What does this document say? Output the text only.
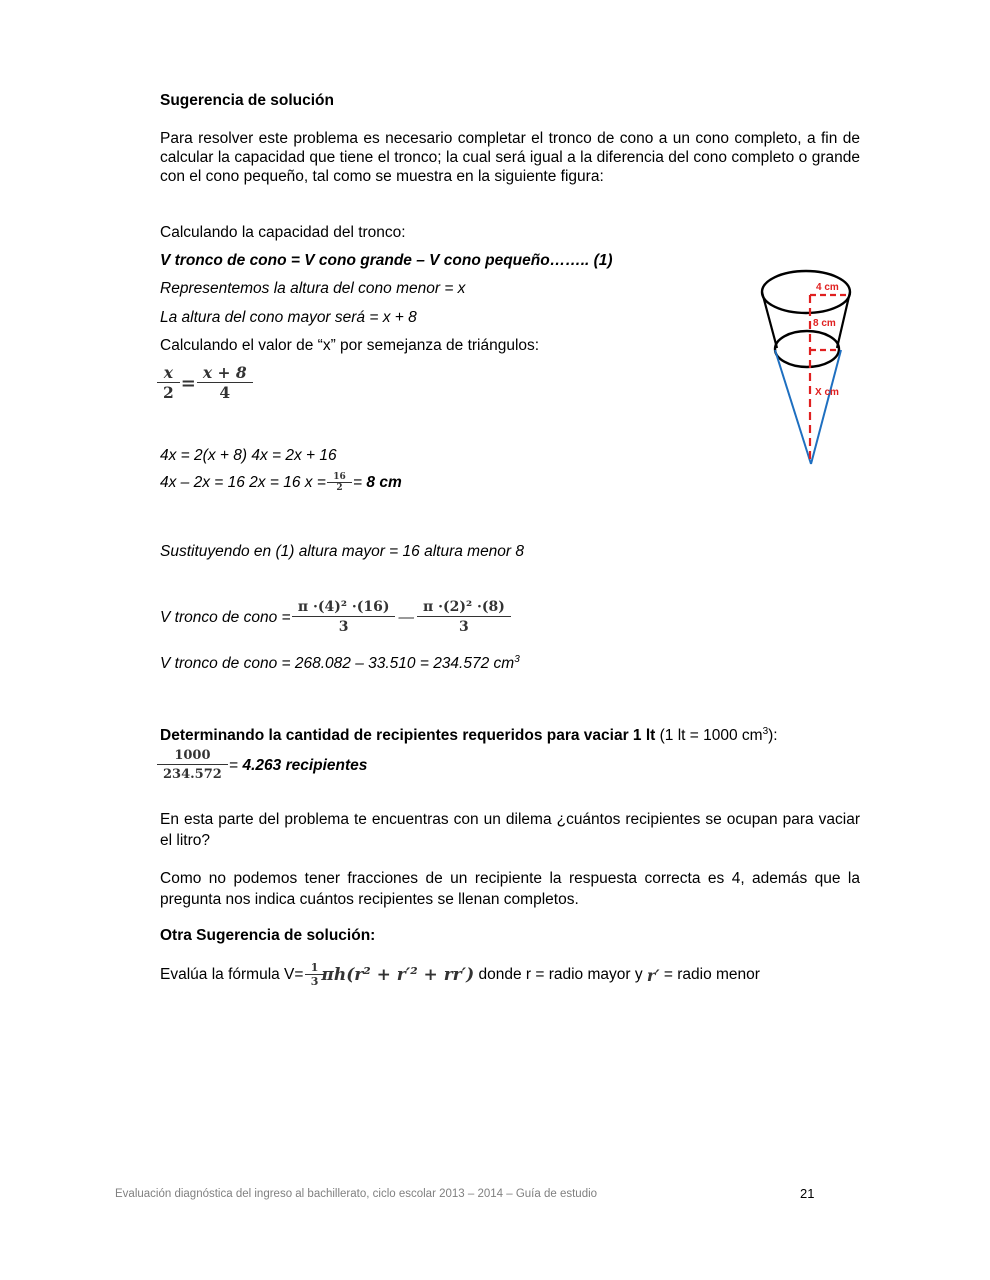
Sugerencia de solución
Para resolver este problema es necesario completar el tronco de cono a un cono completo, a fin de calcular la capacidad que tiene el tronco; la cual será igual a la diferencia del cono completo o grande con el cono pequeño, tal como se muestra en la siguiente figura:
Calculando la capacidad del tronco:
V tronco de cono = V cono grande – V cono pequeño…….. (1)
Representemos la altura del cono menor = x
La altura del cono mayor será = x + 8
Calculando el valor de “x” por semejanza de triángulos:
$\frac{x}{2} = \frac{x + 8}{4}$
4x = 2(x + 8) 4x = 2x + 16
4x – 2x = 16 2x = 16 $x = \frac{16}{2} = 8$ cm
Sustituyendo en (1) altura mayor = 16 altura menor 8
V tronco de cono = $\frac{\text{π ·(4)² ·(16)}}{3}$ — $\frac{\text{π ·(2)² ·(8)}}{3}$
V tronco de cono = 268.082 – 33.510 = 234.572 $cm^3$
Determinando la cantidad de recipientes requeridos para vaciar 1 lt (1 lt = 1000 $cm^3$):
$\frac{1000}{234.572} = 4.263$ recipientes
En esta parte del problema te encuentras con un dilema ¿cuántos recipientes se ocupan para vaciar el litro?
Como no podemos tener fracciones de un recipiente la respuesta correcta es 4, además que la pregunta nos indica cuántos recipientes se llenan completos.
Otra Sugerencia de solución:
Evalúa la fórmula $V= \frac{1}{3} \pi h(r^2 + r'^2 + rr')$ donde r = radio mayor y r′ = radio menor
4 cm
8 cm
X cm
Evaluación diagnóstica del ingreso al bachillerato, ciclo escolar 2013 – 2014 – Guía de estudio	21
